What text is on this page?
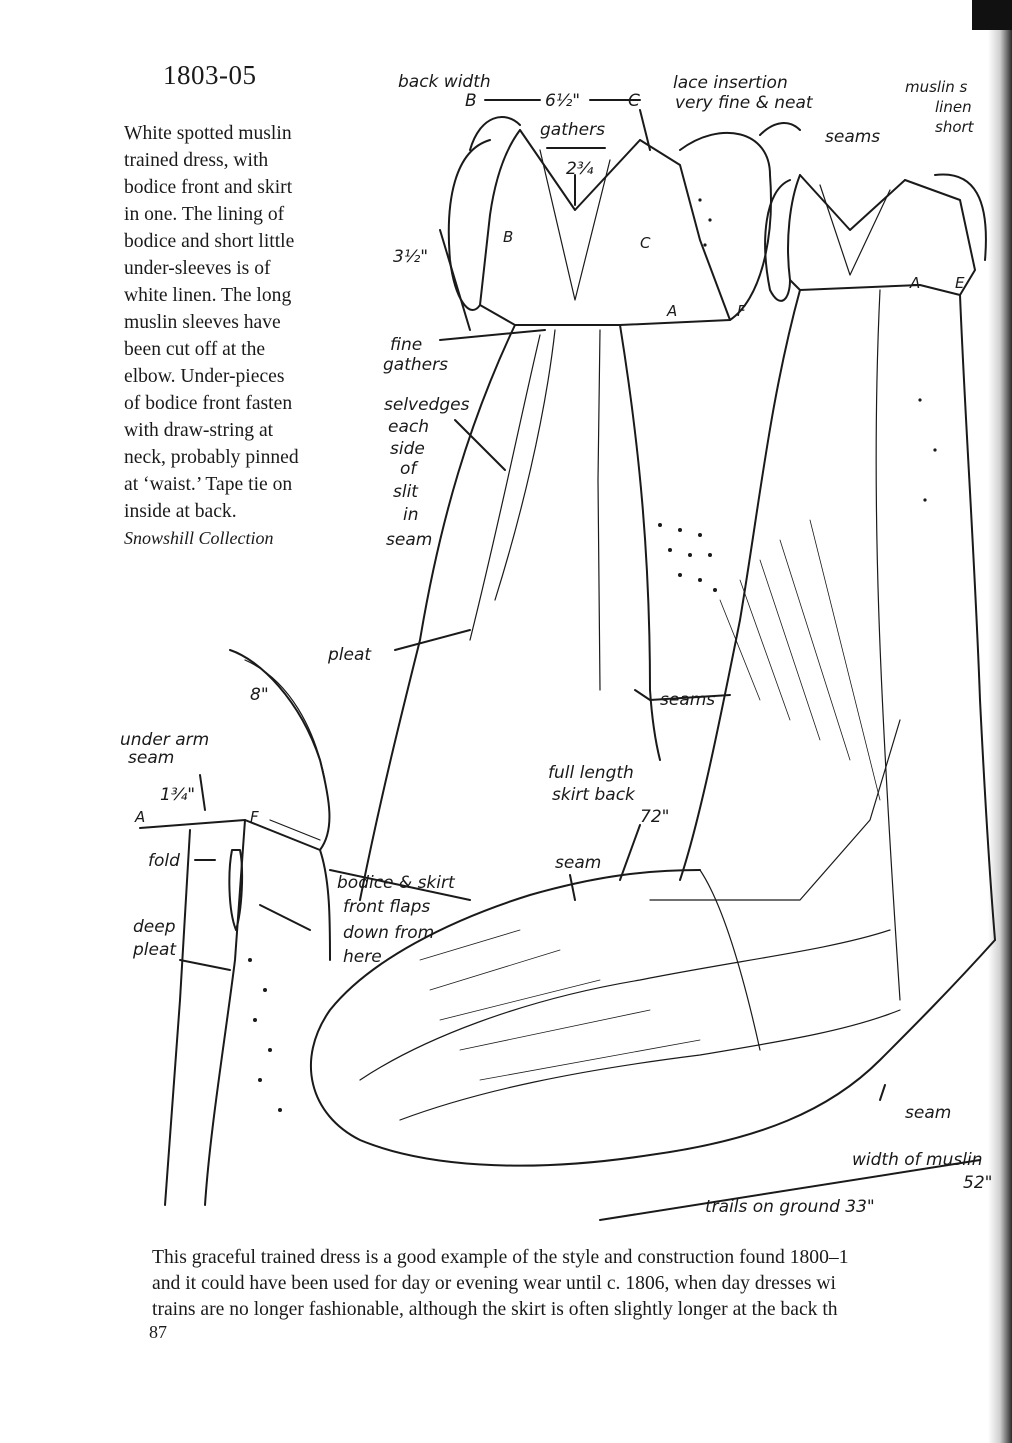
1803-05
White spotted muslin
trained dress, with
bodice front and skirt
in one. The lining of
bodice and short little
under-sleeves is of
white linen. The long
muslin sleeves have
been cut off at the
elbow. Under-pieces
of bodice front fasten
with draw-string at
neck, probably pinned
at ‘waist.’ Tape tie on
inside at back.
Snowshill Collection
back width
B	6½"	C
lace insertion
very fine & neat
muslin s
linen
short
gathers
2¾
seams
3½"
B	C
A	F
A E
fine
gathers
selvedges
each
side
of
slit
in
seam
pleat
seams
8"
under arm
seam
1¾"
A	F
fold
deep
pleat
full length
skirt back
72"
seam
bodice & skirt
front flaps
down from
here
seam
width of muslin
52"
trails on ground 33"
This graceful trained dress is a good example of the style and construction found 1800–1
and it could have been used for day or evening wear until c. 1806, when day dresses wi
trains are no longer fashionable, although the skirt is often slightly longer at the back th
87
